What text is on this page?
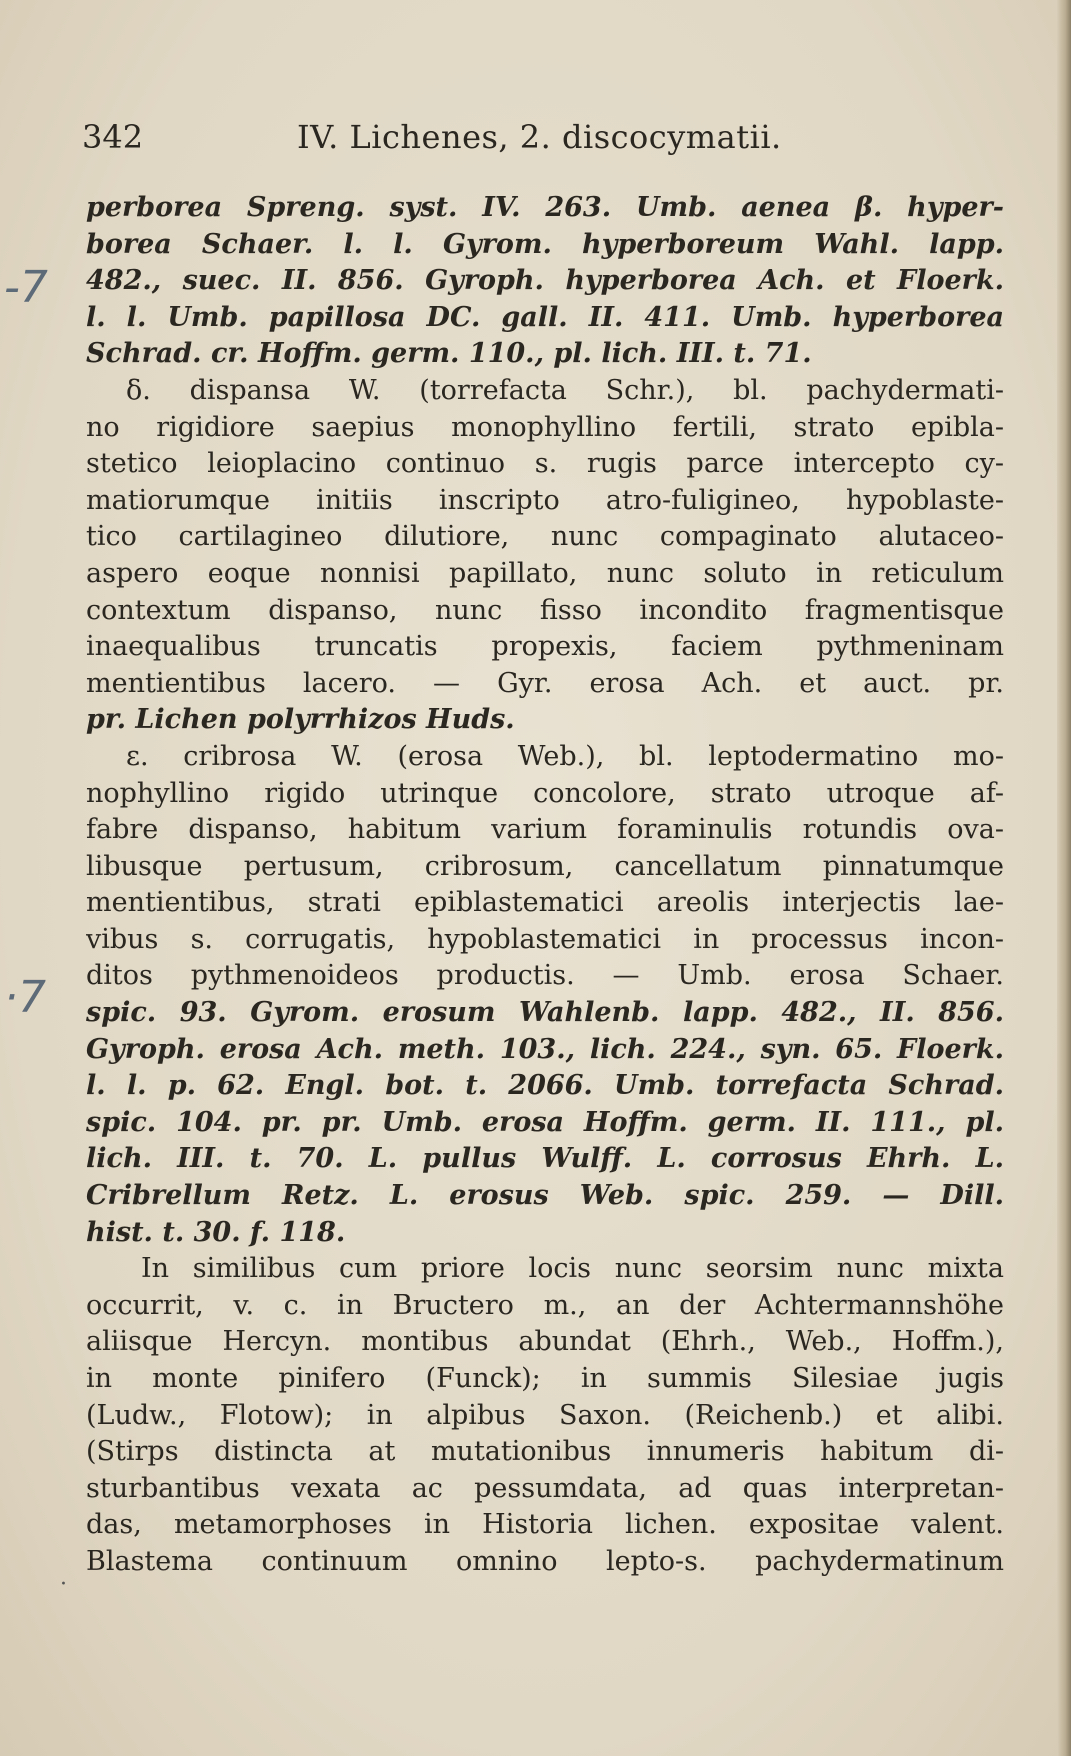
342	IV. Lichenes, 2. discocymatii.
-7
·7
·
perborea Spreng. syst. IV. 263. Umb. aenea β. hyper-
borea Schaer. l. l. Gyrom. hyperboreum Wahl. lapp.
482., suec. II. 856. Gyroph. hyperborea Ach. et Floerk.
l. l. Umb. papillosa DC. gall. II. 411. Umb. hyperborea
Schrad. cr. Hoffm. germ. 110., pl. lich. III. t. 71.
δ. dispansa W. (torrefacta Schr.), bl. pachydermati-
no rigidiore saepius monophyllino fertili, strato epibla-
stetico leioplacino continuo s. rugis parce intercepto cy-
matiorumque initiis inscripto atro-fuligineo, hypoblaste-
tico cartilagineo dilutiore, nunc compaginato alutaceo-
aspero eoque nonnisi papillato, nunc soluto in reticulum
contextum dispanso, nunc fisso incondito fragmentisque
inaequalibus truncatis propexis, faciem pythmeninam
mentientibus lacero. — Gyr. erosa Ach. et auct. pr.
pr. Lichen polyrrhizos Huds.
ε. cribrosa W. (erosa Web.), bl. leptodermatino mo-
nophyllino rigido utrinque concolore, strato utroque af-
fabre dispanso, habitum varium foraminulis rotundis ova-
libusque pertusum, cribrosum, cancellatum pinnatumque
mentientibus, strati epiblastematici areolis interjectis lae-
vibus s. corrugatis, hypoblastematici in processus incon-
ditos pythmenoideos productis. — Umb. erosa Schaer.
spic. 93. Gyrom. erosum Wahlenb. lapp. 482., II. 856.
Gyroph. erosa Ach. meth. 103., lich. 224., syn. 65. Floerk.
l. l. p. 62. Engl. bot. t. 2066. Umb. torrefacta Schrad.
spic. 104. pr. pr. Umb. erosa Hoffm. germ. II. 111., pl.
lich. III. t. 70. L. pullus Wulff. L. corrosus Ehrh. L.
Cribrellum Retz. L. erosus Web. spic. 259. — Dill.
hist. t. 30. f. 118.
In similibus cum priore locis nunc seorsim nunc mixta
occurrit, v. c. in Bructero m., an der Achtermannshöhe
aliisque Hercyn. montibus abundat (Ehrh., Web., Hoffm.),
in monte pinifero (Funck); in summis Silesiae jugis
(Ludw., Flotow); in alpibus Saxon. (Reichenb.) et alibi.
(Stirps distincta at mutationibus innumeris habitum di-
sturbantibus vexata ac pessumdata, ad quas interpretan-
das, metamorphoses in Historia lichen. expositae valent.
Blastema continuum omnino lepto-s. pachydermatinum
